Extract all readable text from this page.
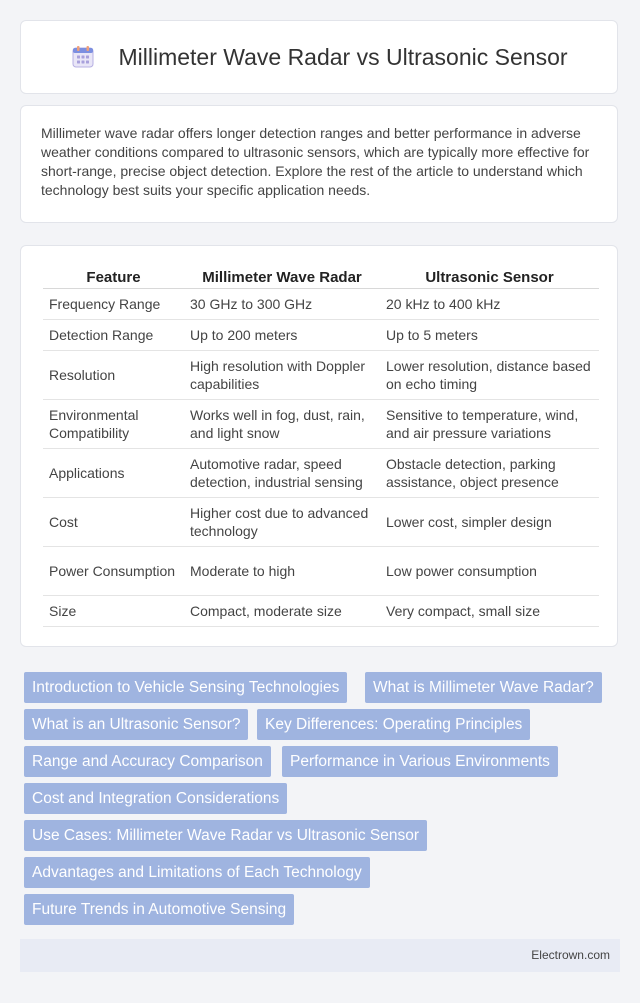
Millimeter Wave Radar vs Ultrasonic Sensor

Millimeter wave radar offers longer detection ranges and better performance in adverse weather conditions compared to ultrasonic sensors, which are typically more effective for short-range, precise object detection. Explore the rest of the article to understand which technology best suits your specific application needs.

Feature	Millimeter Wave Radar	Ultrasonic Sensor
Frequency Range	30 GHz to 300 GHz	20 kHz to 400 kHz
Detection Range	Up to 200 meters	Up to 5 meters
Resolution	High resolution with Doppler capabilities	Lower resolution, distance based on echo timing
Environmental Compatibility	Works well in fog, dust, rain, and light snow	Sensitive to temperature, wind, and air pressure variations
Applications	Automotive radar, speed detection, industrial sensing	Obstacle detection, parking assistance, object presence
Cost	Higher cost due to advanced technology	Lower cost, simpler design
Power Consumption	Moderate to high	Low power consumption
Size	Compact, moderate size	Very compact, small size
Introduction to Vehicle Sensing Technologies	What is Millimeter Wave Radar?
What is an Ultrasonic Sensor?	Key Differences: Operating Principles
Range and Accuracy Comparison	Performance in Various Environments
Cost and Integration Considerations
Use Cases: Millimeter Wave Radar vs Ultrasonic Sensor
Advantages and Limitations of Each Technology
Future Trends in Automotive Sensing
Electrown.com
